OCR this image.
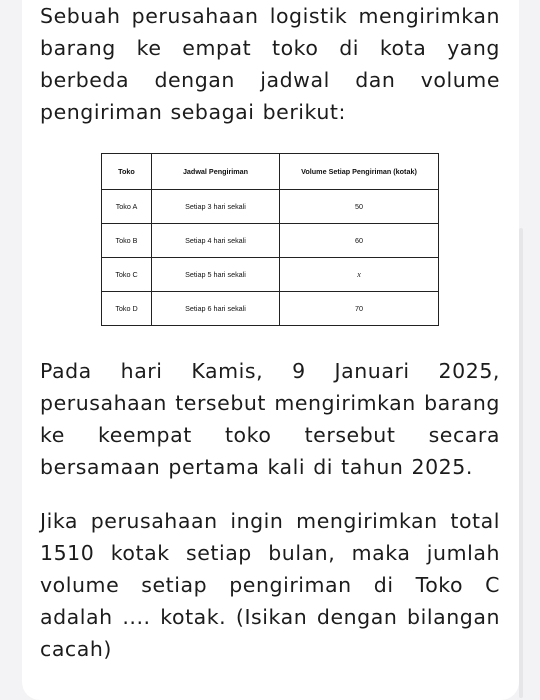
Sebuah perusahaan logistik mengirimkan barang ke empat toko di kota yang berbeda dengan jadwal dan volume pengiriman sebagai berikut:

Toko	Jadwal Pengiriman	Volume Setiap Pengiriman (kotak)
Toko A	Setiap 3 hari sekali	50
Toko B	Setiap 4 hari sekali	60
Toko C	Setiap 5 hari sekali	x
Toko D	Setiap 6 hari sekali	70

Pada hari Kamis, 9 Januari 2025, perusahaan tersebut mengirimkan barang ke keempat toko tersebut secara bersamaan pertama kali di tahun 2025.

Jika perusahaan ingin mengirimkan total 1510 kotak setiap bulan, maka jumlah volume setiap pengiriman di Toko C adalah .... kotak. (Isikan dengan bilangan cacah)
